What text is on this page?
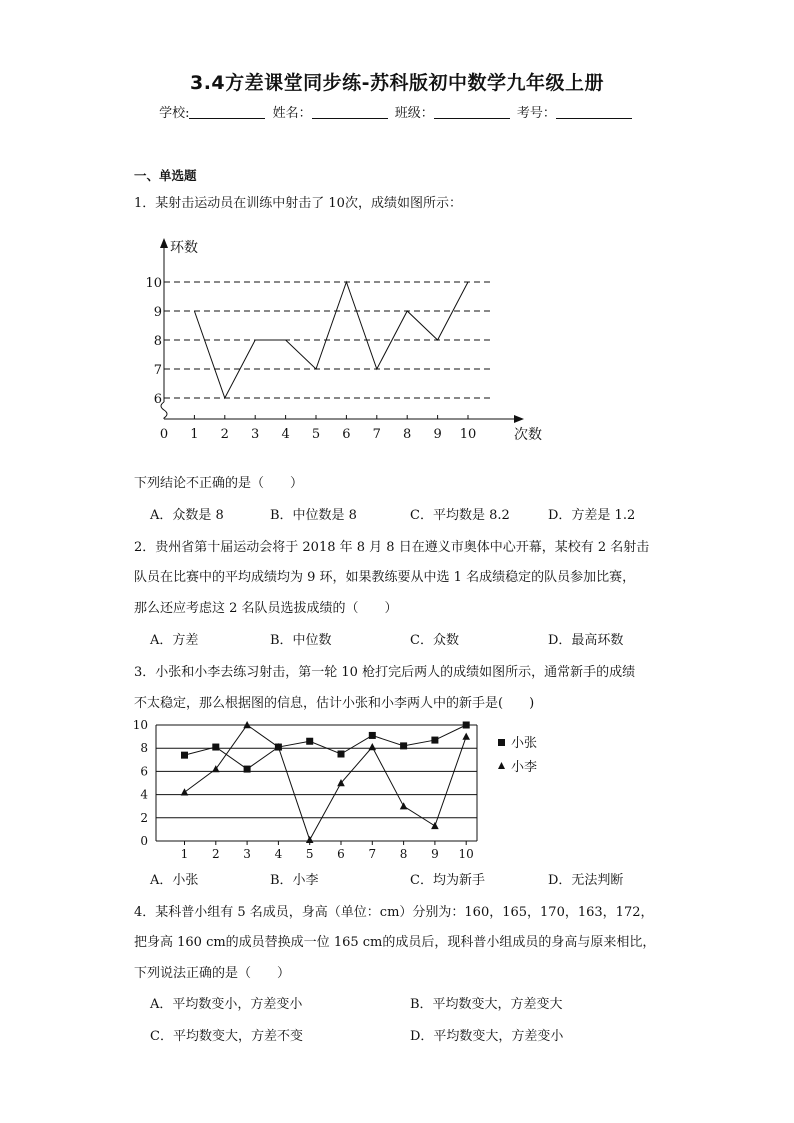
3.4方差课堂同步练-苏科版初中数学九年级上册
学校:	姓名：	班级：	考号：
一、单选题
1．某射击运动员在训练中射击了 10次，成绩如图所示：
6
7
8
9
10
0 1 2 3 4 5 6 7 8 9 10
环数
次数
下列结论不正确的是（　　）
A．众数是 8	B．中位数是 8	C．平均数是 8.2	D．方差是 1.2
2．贵州省第十届运动会将于 2018 年 8 月 8 日在遵义市奥体中心开幕，某校有 2 名射击
队员在比赛中的平均成绩均为 9 环，如果教练要从中选 1 名成绩稳定的队员参加比赛，
那么还应考虑这 2 名队员选拔成绩的（　　）
A．方差	B．中位数	C．众数	D．最高环数
3．小张和小李去练习射击，第一轮 10 枪打完后两人的成绩如图所示，通常新手的成绩
不太稳定，那么根据图的信息，估计小张和小李两人中的新手是(　　)
0
2
4
6
8
10
1 2 3 4 5 6 7 8 9 10
小张
小李
A．小张	B．小李	C．均为新手	D．无法判断
4．某科普小组有 5 名成员，身高（单位：cm）分别为：160，165，170，163，172，
把身高 160 cm的成员替换成一位 165 cm的成员后，现科普小组成员的身高与原来相比，
下列说法正确的是（　　）
A．平均数变小，方差变小	B．平均数变大，方差变大
C．平均数变大，方差不变	D．平均数变大，方差变小
